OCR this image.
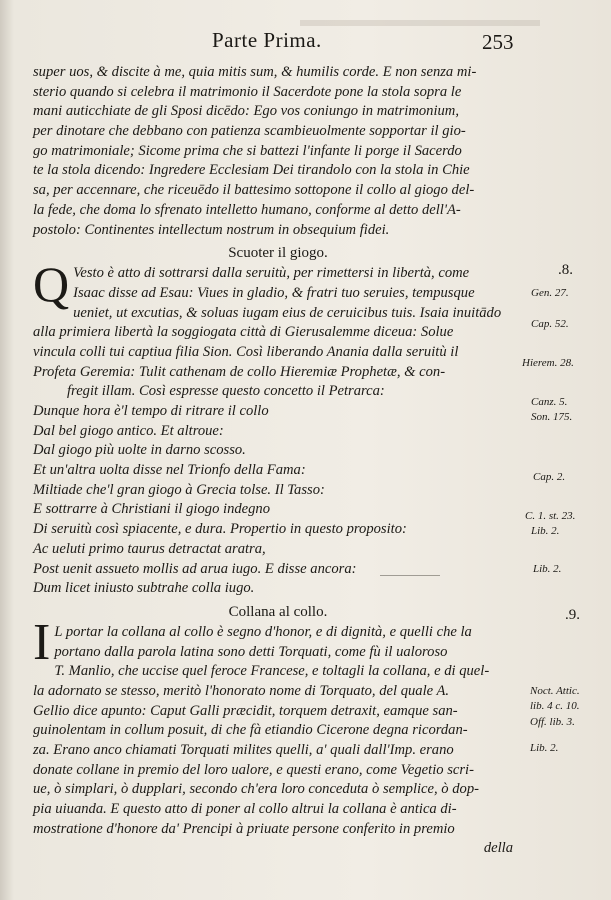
Parte Prima.	253
super uos, & discite à me, quia mitis sum, & humilis corde. E non senza mi-
sterio quando si celebra il matrimonio il Sacerdote pone la stola sopra le
mani auticchiate de gli Sposi dicēdo: Ego vos coniungo in matrimonium,
per dinotare che debbano con patienza scambieuolmente sopportar il gio-
go matrimoniale; Sicome prima che si battezi l'infante li porge il Sacerdo
te la stola dicendo: Ingredere Ecclesiam Dei tirandolo con la stola in Chie
sa, per accennare, che riceuēdo il battesimo sottopone il collo al giogo del-
la fede, che doma lo sfrenato intelletto humano, conforme al detto dell'A-
postolo: Continentes intellectum nostrum in obsequium fidei.
Scuoter il giogo.
Q Vesto è atto di sottrarsi dalla seruitù, per rimettersi in libertà, come
Isaac disse ad Esau: Viues in gladio, & fratri tuo seruies, tempusque
ueniet, ut excutias, & soluas iugam eius de ceruicibus tuis. Isaia inuitādo
alla primiera libertà la soggiogata città di Gierusalemme diceua: Solue
vincula colli tui captiua filia Sion. Così liberando Anania dalla seruitù il
Profeta Geremia: Tulit cathenam de collo Hieremiæ Prophetæ, & con-
fregit illam. Così espresse questo concetto il Petrarca:
Dunque hora è'l tempo di ritrare il collo
Dal bel giogo antico. Et altroue:
Dal giogo più uolte in darno scosso.
Et un'altra uolta disse nel Trionfo della Fama:
Miltiade che'l gran giogo à Grecia tolse. Il Tasso:
E sottrarre à Christiani il giogo indegno
Di seruitù così spiacente, e dura. Propertio in questo proposito:
Ac ueluti primo taurus detractat aratra,
Post uenit assueto mollis ad arua iugo. E disse ancora:
Dum licet iniusto subtrahe colla iugo.
Collana al collo.
I L portar la collana al collo è segno d'honor, e di dignità, e quelli che la
portano dalla parola latina sono detti Torquati, come fù il ualoroso
T. Manlio, che uccise quel feroce Francese, e toltagli la collana, e di quel-
la adornato se stesso, meritò l'honorato nome di Torquato, del quale A.
Gellio dice apunto: Caput Galli præcidit, torquem detraxit, eamque san-
guinolentam in collum posuit, di che fà etiandio Cicerone degna ricordan-
za. Erano anco chiamati Torquati milites quelli, a' quali dall'Imp. erano
donate collane in premio del loro ualore, e questi erano, come Vegetio scri-
ue, ò simplari, ò dupplari, secondo ch'era loro conceduta ò semplice, ò dop-
pia uiuanda. E questo atto di poner al collo altrui la collana è antica di-
mostratione d'honore da' Prencipi à priuate persone conferito in premio
della
.8.
Gen. 27.
Cap. 52.
Hierem. 28.
Canz. 5.
Son. 175.
Cap. 2.
C. 1. st. 23.
Lib. 2.
Lib. 2.
.9.
Noct. Attic.
lib. 4 c. 10.
Off. lib. 3.
Lib. 2.
